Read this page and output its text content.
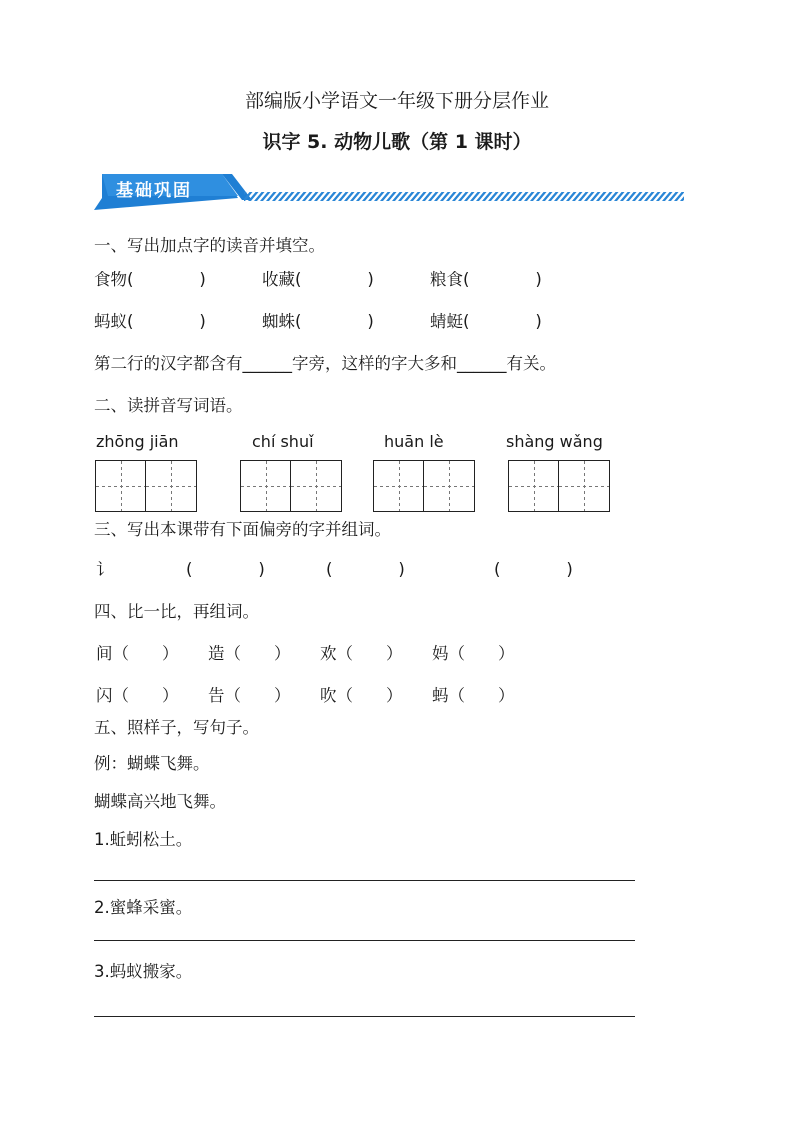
部编版小学语文一年级下册分层作业
识字 5. 动物儿歌（第 1 课时）
基础巩固
一、写出加点字的读音并填空。
食物(　　　　)	收藏(　　　　)	粮食(　　　　)
蚂蚁(　　　　)	蜘蛛(　　　　)	蜻蜓(　　　　)
第二行的汉字都含有______字旁，这样的字大多和______有关。
二、读拼音写词语。
zhōng jiān	chí shuǐ	huān lè	shàng wǎng
三、写出本课带有下面偏旁的字并组词。
讠	(　　　　)	(　　　　)	(　　　　)
四、比一比，再组词。
间（　　） 造（　　） 欢（　　） 妈（　　）
闪（　　） 告（　　） 吹（　　） 蚂（　　）
五、照样子，写句子。
例：蝴蝶飞舞。
蝴蝶高兴地飞舞。
1.蚯蚓松土。
2.蜜蜂采蜜。
3.蚂蚁搬家。
